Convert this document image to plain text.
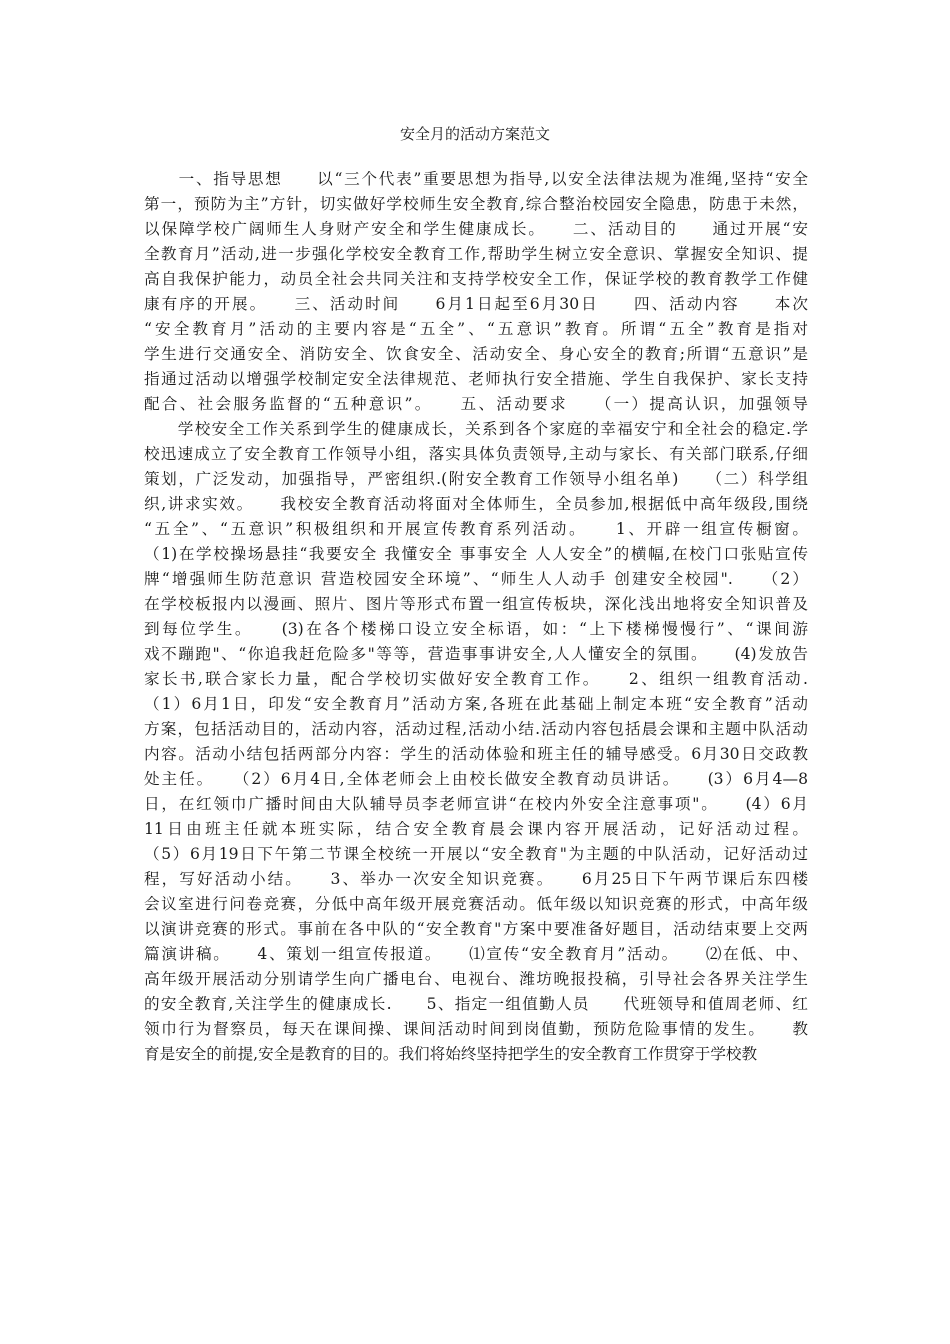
安全月的活动方案范文
　　一、指导思想　　以“三个代表”重要思想为指导,以安全法律法规为准绳,坚持“安全
第一，预防为主”方针，切实做好学校师生安全教育,综合整治校园安全隐患，防患于未然，
以保障学校广阔师生人身财产安全和学生健康成长。　　二、活动目的　　通过开展“安
全教育月”活动,进一步强化学校安全教育工作,帮助学生树立安全意识、掌握安全知识、提
高自我保护能力，动员全社会共同关注和支持学校安全工作，保证学校的教育教学工作健
康有序的开展。　　三、活动时间　　6月1日起至6月30日　　四、活动内容　　本次
“安全教育月”活动的主要内容是“五全”、“五意识”教育。所谓“五全”教育是指对
学生进行交通安全、消防安全、饮食安全、活动安全、身心安全的教育;所谓“五意识”是
指通过活动以增强学校制定安全法律规范、老师执行安全措施、学生自我保护、家长支持
配合、社会服务监督的“五种意识”。　　五、活动要求　　（一）提高认识，加强领导
　　学校安全工作关系到学生的健康成长，关系到各个家庭的幸福安宁和全社会的稳定.学
校迅速成立了安全教育工作领导小组，落实具体负责领导,主动与家长、有关部门联系,仔细
策划，广泛发动，加强指导，严密组织.(附安全教育工作领导小组名单)　　（二）科学组
织,讲求实效。　　我校安全教育活动将面对全体师生，全员参加,根据低中高年级段,围绕
“五全”、“五意识”积极组织和开展宣传教育系列活动。　　1、开辟一组宣传橱窗。
（1)在学校操场悬挂“我要安全 我懂安全 事事安全 人人安全”的横幅,在校门口张贴宣传
牌“增强师生防范意识 营造校园安全环境”、“师生人人动手 创建安全校园".　　（2）
在学校板报内以漫画、照片、图片等形式布置一组宣传板块，深化浅出地将安全知识普及
到每位学生。　　(3)在各个楼梯口设立安全标语，如：“上下楼梯慢慢行”、“课间游
戏不蹦跑"、“你追我赶危险多"等等，营造事事讲安全,人人懂安全的氛围。　　(4)发放告
家长书,联合家长力量，配合学校切实做好安全教育工作。　　2、组织一组教育活动.
（1）6月1日，印发“安全教育月”活动方案,各班在此基础上制定本班“安全教育”活动
方案，包括活动目的，活动内容，活动过程,活动小结.活动内容包括晨会课和主题中队活动
内容。活动小结包括两部分内容：学生的活动体验和班主任的辅导感受。6月30日交政教
处主任。　　（2）6月4日,全体老师会上由校长做安全教育动员讲话。　　(3）6月4—8
日，在红领巾广播时间由大队辅导员李老师宣讲“在校内外安全注意事项"。　　(4）6月
11日由班主任就本班实际，结合安全教育晨会课内容开展活动，记好活动过程。
（5）6月19日下午第二节课全校统一开展以“安全教育"为主题的中队活动，记好活动过
程，写好活动小结。　　3、举办一次安全知识竞赛。　　6月25日下午两节课后东四楼
会议室进行问卷竞赛，分低中高年级开展竞赛活动。低年级以知识竞赛的形式，中高年级
以演讲竞赛的形式。事前在各中队的“安全教育"方案中要准备好题目，活动结束要上交两
篇演讲稿。　　4、策划一组宣传报道。　　⑴宣传“安全教育月”活动。　　⑵在低、中、
高年级开展活动分别请学生向广播电台、电视台、潍坊晚报投稿，引导社会各界关注学生
的安全教育,关注学生的健康成长.　　5、指定一组值勤人员　　代班领导和值周老师、红
领巾行为督察员，每天在课间操、课间活动时间到岗值勤，预防危险事情的发生。　　教
育是安全的前提,安全是教育的目的。我们将始终坚持把学生的安全教育工作贯穿于学校教
